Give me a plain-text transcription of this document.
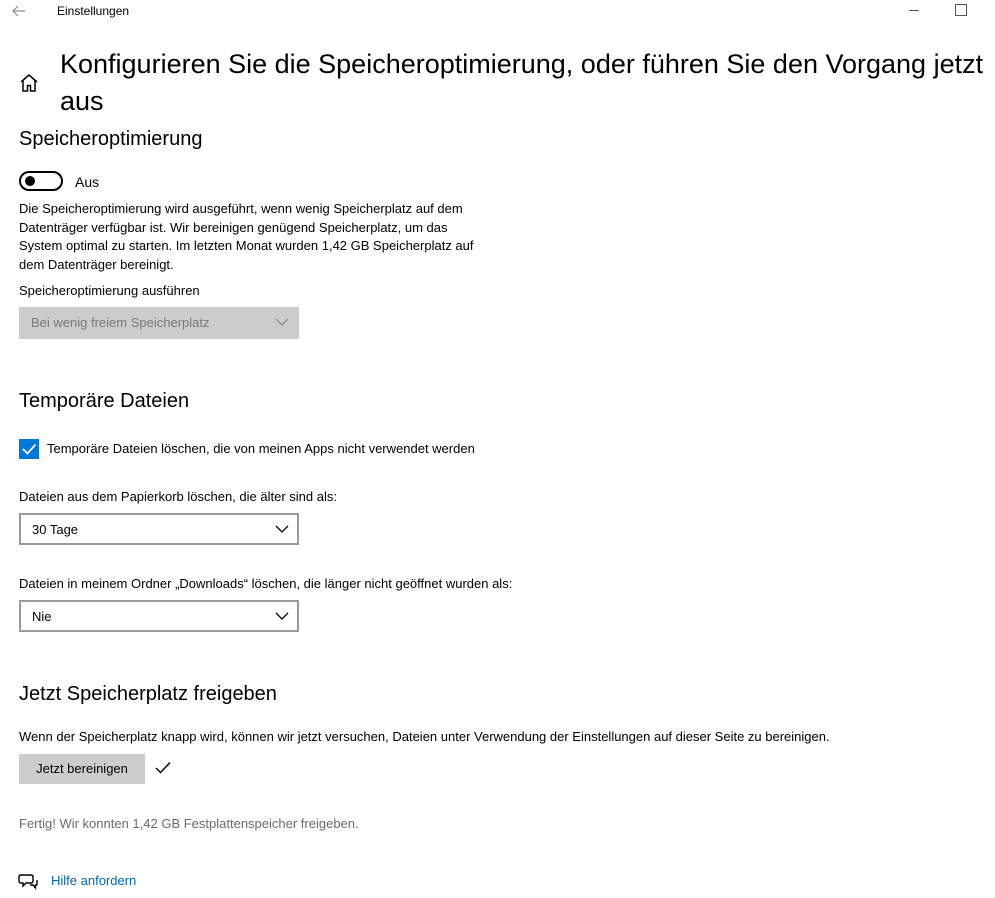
Einstellungen
Konfigurieren Sie die Speicheroptimierung, oder führen Sie den Vorgang jetzt aus
Speicheroptimierung
Aus
Die Speicheroptimierung wird ausgeführt, wenn wenig Speicherplatz auf dem Datenträger verfügbar ist. Wir bereinigen genügend Speicherplatz, um das System optimal zu starten. Im letzten Monat wurden 1,42 GB Speicherplatz auf dem Datenträger bereinigt.
Speicheroptimierung ausführen
Bei wenig freiem Speicherplatz
Temporäre Dateien
Temporäre Dateien löschen, die von meinen Apps nicht verwendet werden
Dateien aus dem Papierkorb löschen, die älter sind als:
30 Tage
Dateien in meinem Ordner „Downloads“ löschen, die länger nicht geöffnet wurden als:
Nie
Jetzt Speicherplatz freigeben
Wenn der Speicherplatz knapp wird, können wir jetzt versuchen, Dateien unter Verwendung der Einstellungen auf dieser Seite zu bereinigen.
Jetzt bereinigen
Fertig! Wir konnten 1,42 GB Festplattenspeicher freigeben.
Hilfe anfordern
